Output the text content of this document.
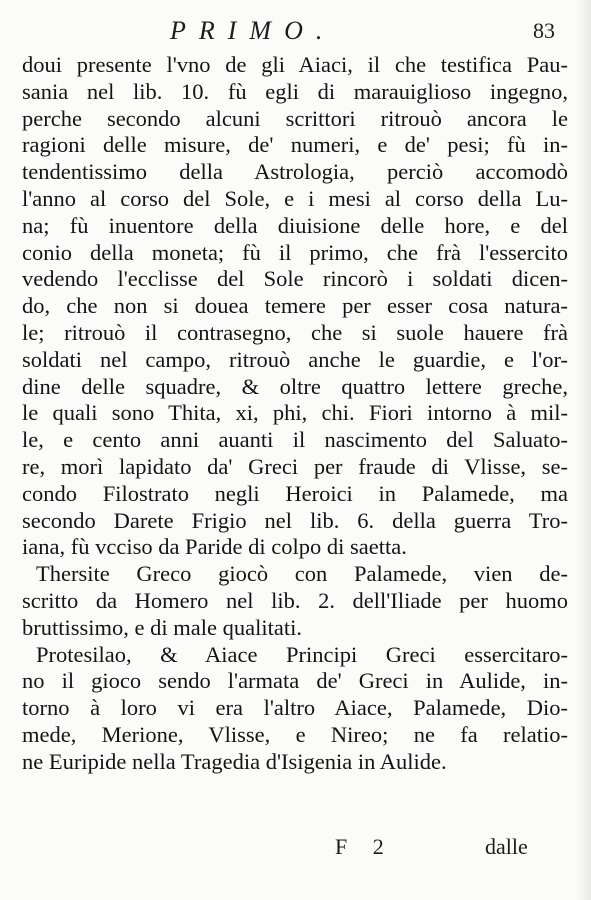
PRIMO.	83
doui presente l'vno de gli Aiaci, il che testifica Pau-
sania nel lib. 10. fù egli di marauiglioso ingegno,
perche secondo alcuni scrittori ritrouò ancora le
ragioni delle misure, de' numeri, e de' pesi; fù in-
tendentissimo della Astrologia, perciò accomodò
l'anno al corso del Sole, e i mesi al corso della Lu-
na; fù inuentore della diuisione delle hore, e del
conio della moneta; fù il primo, che frà l'essercito
vedendo l'ecclisse del Sole rincorò i soldati dicen-
do, che non si douea temere per esser cosa natura-
le; ritrouò il contrasegno, che si suole hauere frà
soldati nel campo, ritrouò anche le guardie, e l'or-
dine delle squadre, & oltre quattro lettere greche,
le quali sono Thita, xi, phi, chi. Fiori intorno à mil-
le, e cento anni auanti il nascimento del Saluato-
re, morì lapidato da' Greci per fraude di Vlisse, se-
condo Filostrato negli Heroici in Palamede, ma
secondo Darete Frigio nel lib. 6. della guerra Tro-
iana, fù vcciso da Paride di colpo di saetta.
Thersite Greco giocò con Palamede, vien de-
scritto da Homero nel lib. 2. dell'Iliade per huomo
bruttissimo, e di male qualitati.
Protesilao, & Aiace Principi Greci essercitaro-
no il gioco sendo l'armata de' Greci in Aulide, in-
torno à loro vi era l'altro Aiace, Palamede, Dio-
mede, Merione, Vlisse, e Nireo; ne fa relatio-
ne Euripide nella Tragedia d'Isigenia in Aulide.
F 2	dalle
